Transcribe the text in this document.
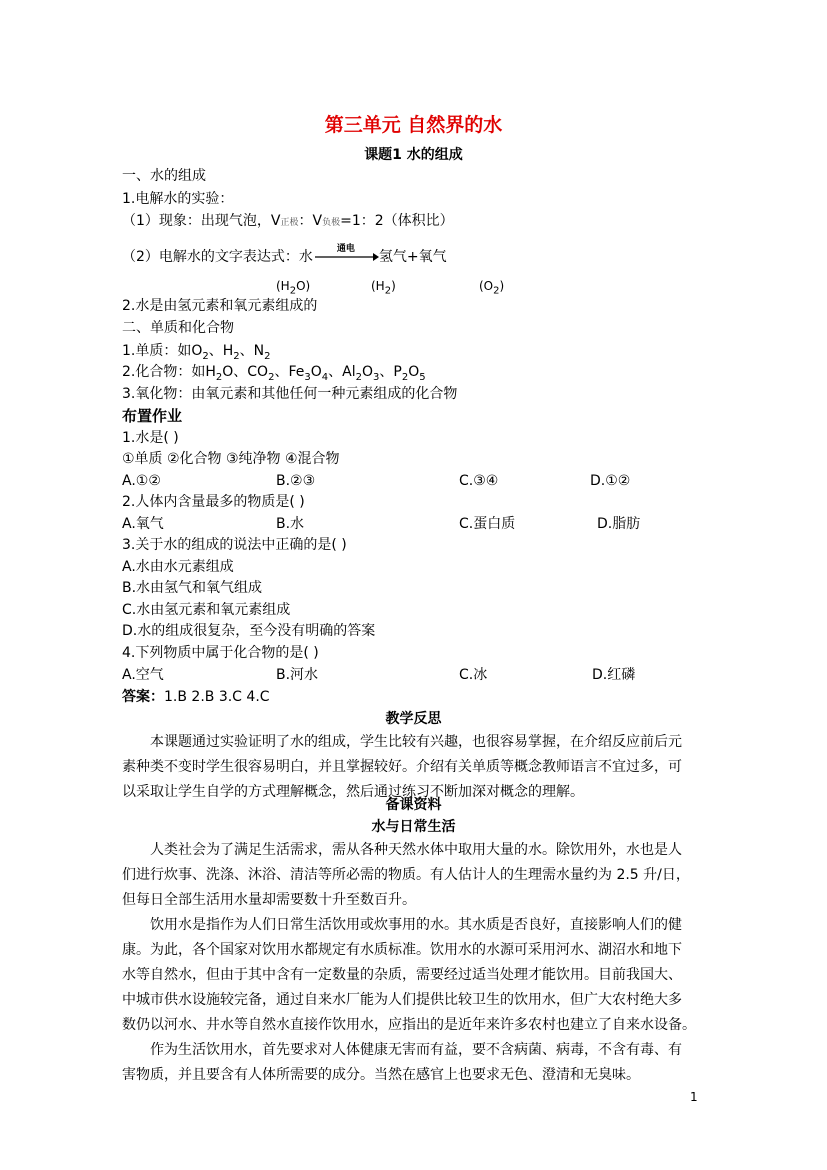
第三单元 自然界的水
课题1 水的组成
一、水的组成
1.电解水的实验：
（1）现象：出现气泡，V正极：V负极=1：2（体积比）
（2）电解水的文字表达式：水	通电	氢气+氧气
$(H_2O)$	$(H_2)$	$(O_2)$
2.水是由氢元素和氧元素组成的
二、单质和化合物
1.单质：如$O_2$、$H_2$、$N_2$
2.化合物：如$H_2O$、$CO_2$、$Fe_3O_4$、$Al_2O_3$、$P_2O_5$
3.氧化物：由氧元素和其他任何一种元素组成的化合物
布置作业
1.水是( )
①单质 ②化合物 ③纯净物 ④混合物
A.①②	B.②③	C.③④	D.①②
2.人体内含量最多的物质是( )
A.氧气	B.水	C.蛋白质	D.脂肪
3.关于水的组成的说法中正确的是( )
A.水由水元素组成
B.水由氢气和氧气组成
C.水由氢元素和氧元素组成
D.水的组成很复杂，至今没有明确的答案
4.下列物质中属于化合物的是( )
A.空气	B.河水	C.冰	D.红磷
答案：1.B 2.B 3.C 4.C
教学反思
本课题通过实验证明了水的组成，学生比较有兴趣，也很容易掌握，在介绍反应前后元
素种类不变时学生很容易明白，并且掌握较好。介绍有关单质等概念教师语言不宜过多，可
以采取让学生自学的方式理解概念，然后通过练习不断加深对概念的理解。
备课资料
水与日常生活
人类社会为了满足生活需求，需从各种天然水体中取用大量的水。除饮用外，水也是人
们进行炊事、洗涤、沐浴、清洁等所必需的物质。有人估计人的生理需水量约为 2.5 升/日，
但每日全部生活用水量却需要数十升至数百升。
饮用水是指作为人们日常生活饮用或炊事用的水。其水质是否良好，直接影响人们的健
康。为此，各个国家对饮用水都规定有水质标准。饮用水的水源可采用河水、湖沼水和地下
水等自然水，但由于其中含有一定数量的杂质，需要经过适当处理才能饮用。目前我国大、
中城市供水设施较完备，通过自来水厂能为人们提供比较卫生的饮用水，但广大农村绝大多
数仍以河水、井水等自然水直接作饮用水，应指出的是近年来许多农村也建立了自来水设备。
作为生活饮用水，首先要求对人体健康无害而有益，要不含病菌、病毒，不含有毒、有
害物质，并且要含有人体所需要的成分。当然在感官上也要求无色、澄清和无臭味。
1
